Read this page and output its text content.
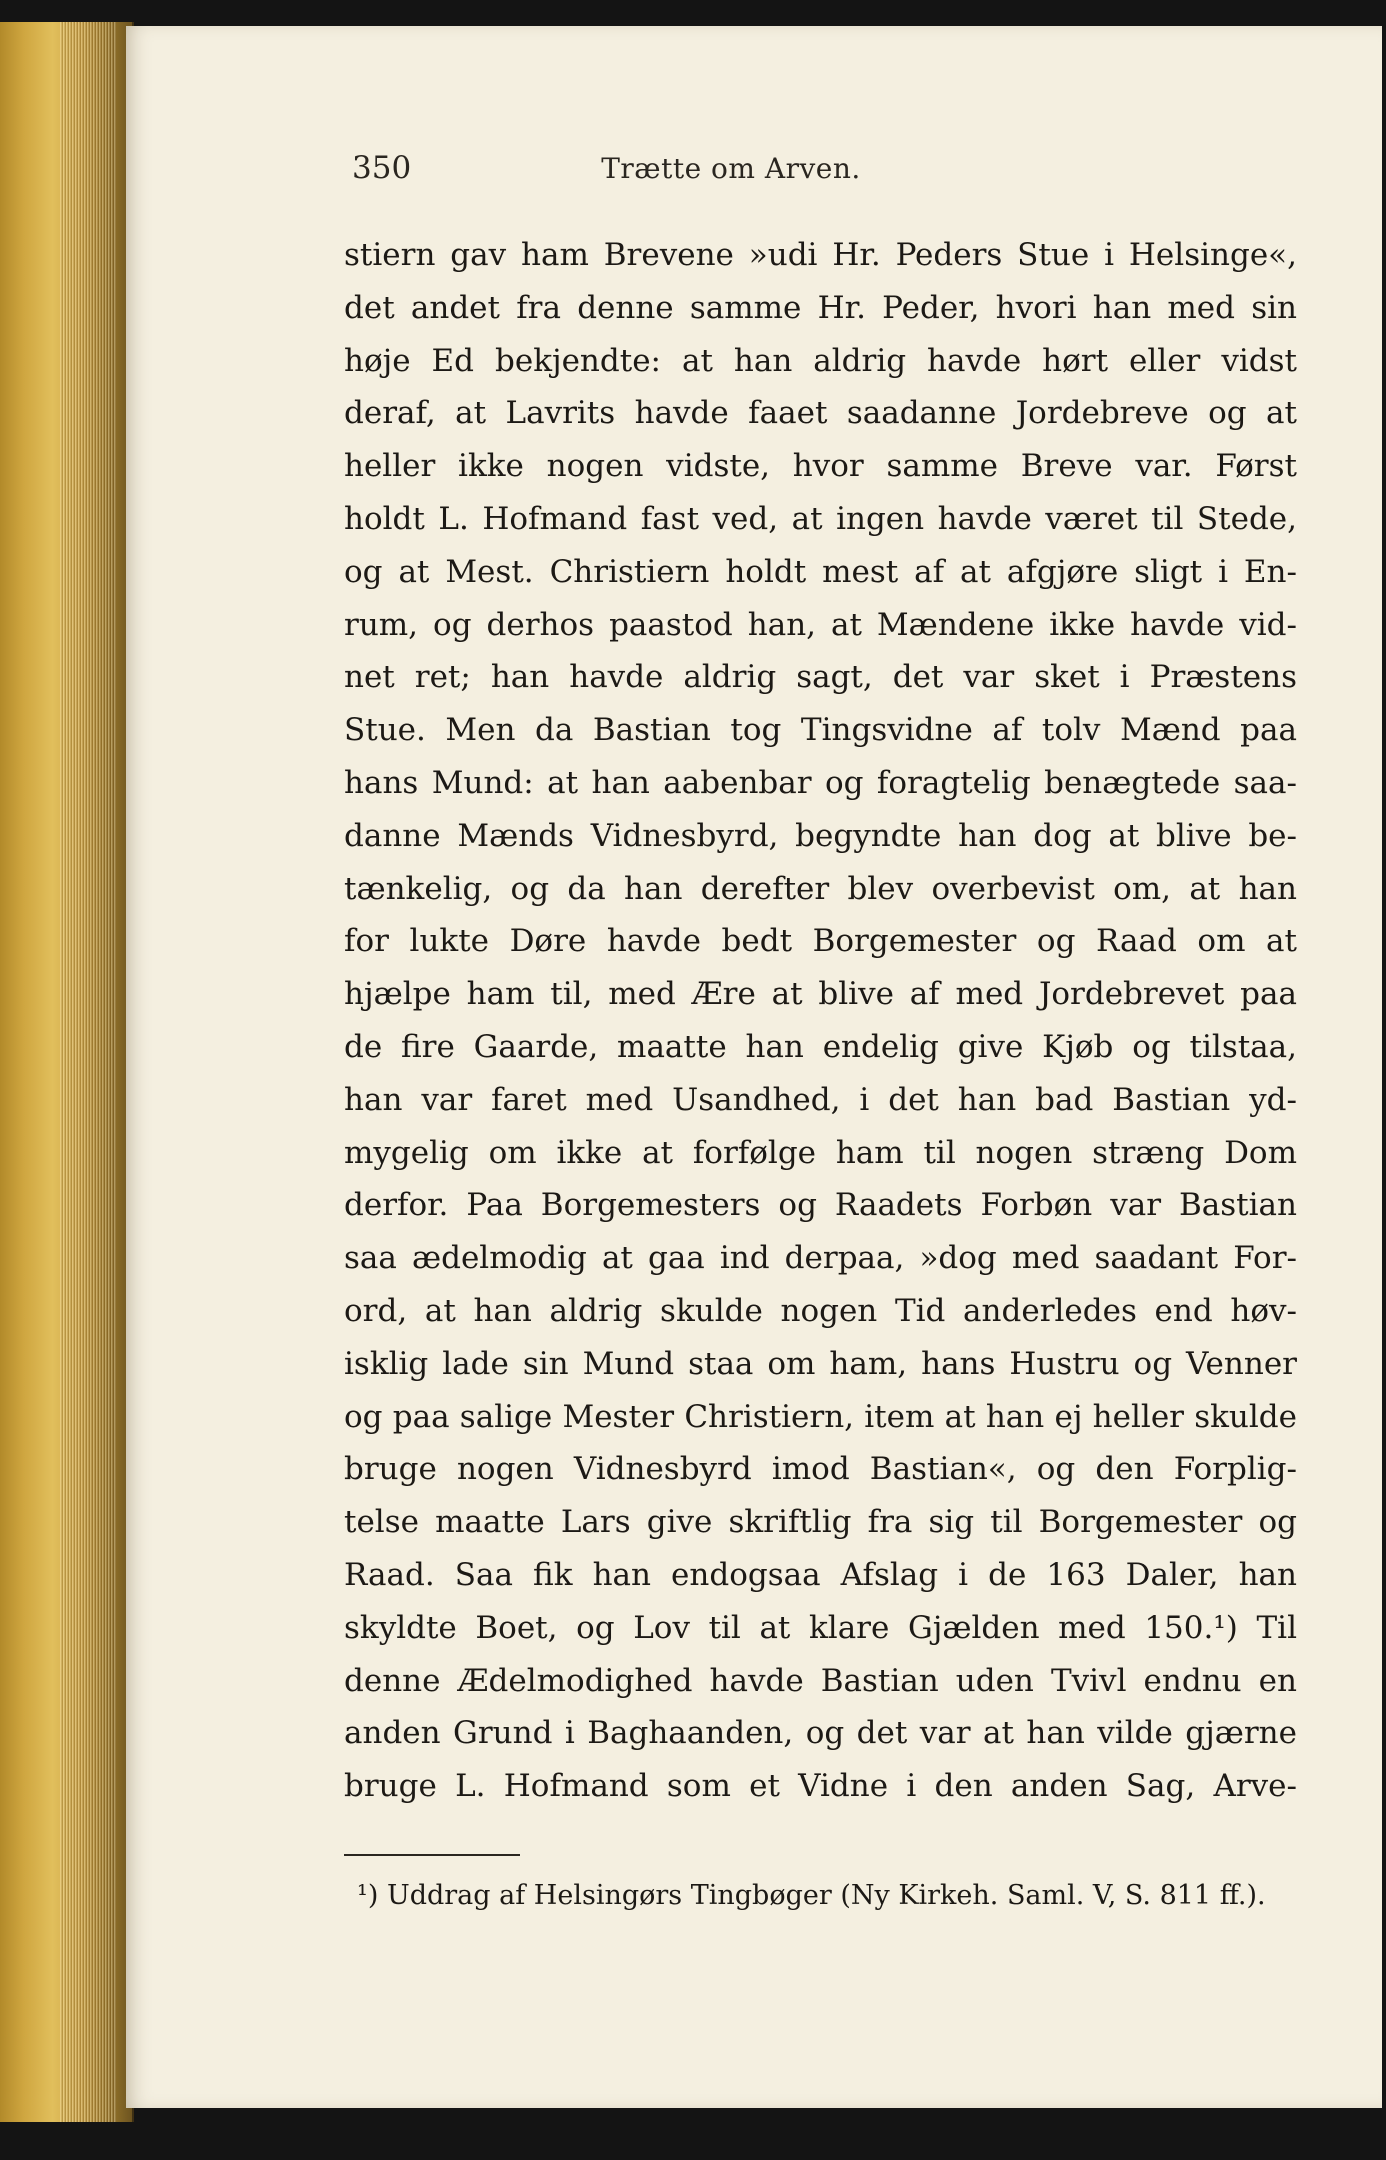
350	Trætte om Arven.
stiern gav ham Brevene »udi Hr. Peders Stue i Helsinge«,
det andet fra denne samme Hr. Peder, hvori han med sin
høje Ed bekjendte: at han aldrig havde hørt eller vidst
deraf, at Lavrits havde faaet saadanne Jordebreve og at
heller ikke nogen vidste, hvor samme Breve var. Først
holdt L. Hofmand fast ved, at ingen havde været til Stede,
og at Mest. Christiern holdt mest af at afgjøre sligt i En-
rum, og derhos paastod han, at Mændene ikke havde vid-
net ret; han havde aldrig sagt, det var sket i Præstens
Stue. Men da Bastian tog Tingsvidne af tolv Mænd paa
hans Mund: at han aabenbar og foragtelig benægtede saa-
danne Mænds Vidnesbyrd, begyndte han dog at blive be-
tænkelig, og da han derefter blev overbevist om, at han
for lukte Døre havde bedt Borgemester og Raad om at
hjælpe ham til, med Ære at blive af med Jordebrevet paa
de fire Gaarde, maatte han endelig give Kjøb og tilstaa,
han var faret med Usandhed, i det han bad Bastian yd-
mygelig om ikke at forfølge ham til nogen stræng Dom
derfor. Paa Borgemesters og Raadets Forbøn var Bastian
saa ædelmodig at gaa ind derpaa, »dog med saadant For-
ord, at han aldrig skulde nogen Tid anderledes end høv-
isklig lade sin Mund staa om ham, hans Hustru og Venner
og paa salige Mester Christiern, item at han ej heller skulde
bruge nogen Vidnesbyrd imod Bastian«, og den Forplig-
telse maatte Lars give skriftlig fra sig til Borgemester og
Raad. Saa fik han endogsaa Afslag i de 163 Daler, han
skyldte Boet, og Lov til at klare Gjælden med 150.¹) Til
denne Ædelmodighed havde Bastian uden Tvivl endnu en
anden Grund i Baghaanden, og det var at han vilde gjærne
bruge L. Hofmand som et Vidne i den anden Sag, Arve-
¹) Uddrag af Helsingørs Tingbøger (Ny Kirkeh. Saml. V, S. 811 ff.).
